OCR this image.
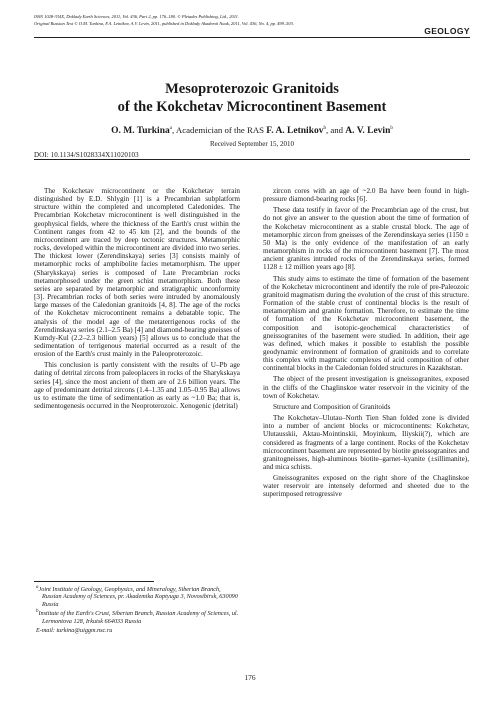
ISSN 1028-334X, Doklady Earth Sciences, 2011, Vol. 436, Part 2, pp. 176–180. © Pleiades Publishing, Ltd., 2011.
Original Russian Text © O.M. Turkina, F.A. Letnikov, A.V. Levin, 2011, published in Doklady Akademii Nauk, 2011, Vol. 436, No. 4, pp. 499–503.
GEOLOGY
Mesoproterozoic Granitoids
of the Kokchetav Microcontinent Basement
O. M. Turkina$^a$, Academician of the RAS F. A. Letnikov$^b$, and A. V. Levin$^b$
Received September 15, 2010
DOI: 10.1134/S1028334X11020103

The Kokchetav microcontinent or the Kokchetav terrain distinguished by E.D. Shlygin [1] is a Precambrian subplatform structure within the completed and uncompleted Caledonides. The Precambrian Kokchetav microcontinent is well distinguished in the geophysical fields, where the thickness of the Earth's crust within the Continent ranges from 42 to 45 km [2], and the bounds of the microcontinent are traced by deep tectonic structures. Metamorphic rocks, developed within the microcontinent are divided into two series. The thickest lower (Zerendinskaya) series [3] consists mainly of metamorphic rocks of amphibolite facies metamorphism. The upper (Sharykskaya) series is composed of Late Precambrian rocks metamorphosed under the green schist metamorphism. Both these series are separated by metamorphic and stratigraphic unconformity [3]. Precambrian rocks of both series were intruded by anomalously large masses of the Caledonian granitoids [4, 8]. The age of the rocks of the Kokchetav microcontinent remains a debatable topic. The analysis of the model age of the metaterrigenous rocks of the Zerendinskaya series (2.1–2.5 Ba) [4] and diamond-bearing gneisses of Kumdy-Kul (2.2–2.3 billion years) [5] allows us to conclude that the sedimentation of terrigenous material occurred as a result of the erosion of the Earth's crust mainly in the Paleoproterozoic.

This conclusion is partly consistent with the results of U–Pb age dating of detrital zircons from paleoplacers in rocks of the Sharykskaya series [4], since the most ancient of them are of 2.6 billion years. The age of predominant detrital zircons (1.4–1.35 and 1.05–0.95 Ba) allows us to estimate the time of sedimentation as early as ~1.0 Ba; that is, sedimentogenesis occurred in the Neoproterozoic. Xenogenic (detrital)

zircon cores with an age of ~2.0 Ba have been found in high-pressure diamond-bearing rocks [6].

These data testify in favor of the Precambrian age of the crust, but do not give an answer to the question about the time of formation of the Kokchetav microcontinent as a stable crustal block. The age of metamorphic zircon from gneisses of the Zerendinskaya series (1150 ± 50 Ma) is the only evidence of the manifestation of an early metamorphism in rocks of the microcontinent basement [7]. The most ancient granites intruded rocks of the Zerendinskaya series, formed 1128 ± 12 million years ago [8].

This study aims to estimate the time of formation of the basement of the Kokchetav microcontinent and identify the role of pre-Paleozoic granitoid magmatism during the evolution of the crust of this structure. Formation of the stable crust of continental blocks is the result of metamorphism and granite formation. Therefore, to estimate the time of formation of the Kokchetav microcontinent basement, the composition and isotopic-geochemical characteristics of gneissogranites of the basement were studied. In addition, their age was defined, which makes it possible to establish the possible geodynamic environment of formation of granitoids and to correlate this complex with magmatic complexes of acid composition of other continental blocks in the Caledonian folded structures in Kazakhstan.

The object of the present investigation is gneissogranites, exposed in the cliffs of the Chaglinskoe water reservoir in the vicinity of the town of Kokchetav.

Structure and Composition of Granitoids

The Kokchetav–Ulutau–North Tien Shan folded zone is divided into a number of ancient blocks or microcontinents: Kokchetav, Ulutausskii, Aktau-Mointinskii, Moyinkum, Iliyskii(?), which are considered as fragments of a large continent. Rocks of the Kokchetav microcontinent basement are represented by biotite gneissogranites and granitogneisses, high-aluminous biotite–garnet–kyanite (±sillimanite), and mica schists.

Gneissogranites exposed on the right shore of the Chaglinskoe water reservoir are intensely deformed and sheeted due to the superimposed retrogressive

$^a$Joint Institute of Geology, Geophysics, and Mineralogy, Siberian Branch, Russian Academy of Sciences, pr. Akademika Koptyuga 3, Novosibirsk, 630090 Russia

$^b$Institute of the Earth's Crust, Siberian Branch, Russian Academy of Sciences, ul. Lermontova 128, Irkutsk 664033 Russia

E-mail: turkina@uiggm.nsc.ru

176
